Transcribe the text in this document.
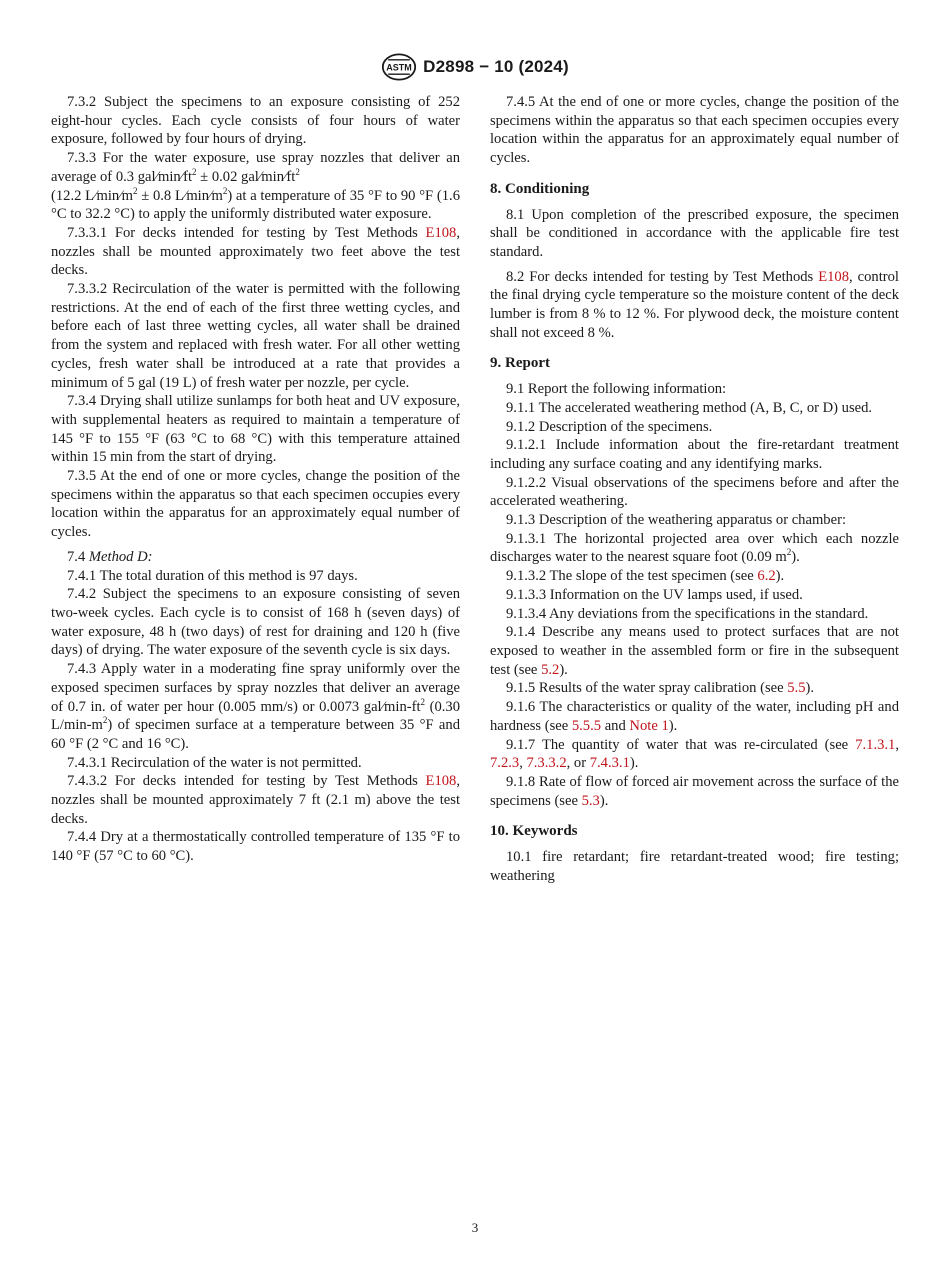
ASTM D2898 − 10 (2024)

7.3.2 Subject the specimens to an exposure consisting of 252 eight-hour cycles. Each cycle consists of four hours of water exposure, followed by four hours of drying.

7.3.3 For the water exposure, use spray nozzles that deliver an average of 0.3 $gal⁄\min⁄ft^2 \pm 0.02$ $gal⁄\min⁄ft^2$
(12.2 $L⁄\min⁄m^2 \pm 0.8$ $L⁄\min⁄m^2$) at a temperature of 35 °F to 90 °F (1.6 °C to 32.2 °C) to apply the uniformly distributed water exposure.

7.3.3.1 For decks intended for testing by Test Methods E108, nozzles shall be mounted approximately two feet above the test decks.

7.3.3.2 Recirculation of the water is permitted with the following restrictions. At the end of each of the first three wetting cycles, and before each of last three wetting cycles, all water shall be drained from the system and replaced with fresh water. For all other wetting cycles, fresh water shall be introduced at a rate that provides a minimum of 5 gal (19 L) of fresh water per nozzle, per cycle.

7.3.4 Drying shall utilize sunlamps for both heat and UV exposure, with supplemental heaters as required to maintain a temperature of 145 °F to 155 °F (63 °C to 68 °C) with this temperature attained within 15 min from the start of drying.

7.3.5 At the end of one or more cycles, change the position of the specimens within the apparatus so that each specimen occupies every location within the apparatus for an approximately equal number of cycles.

7.4 Method D:

7.4.1 The total duration of this method is 97 days.

7.4.2 Subject the specimens to an exposure consisting of seven two-week cycles. Each cycle is to consist of 168 h (seven days) of water exposure, 48 h (two days) of rest for draining and 120 h (five days) of drying. The water exposure of the seventh cycle is six days.

7.4.3 Apply water in a moderating fine spray uniformly over the exposed specimen surfaces by spray nozzles that deliver an average of 0.7 in. of water per hour (0.005 mm/s) or 0.0073 $gal⁄\min-ft^2$ (0.30 $L/\min-m^2$) of specimen surface at a temperature between 35 °F and 60 °F (2 °C and 16 °C).

7.4.3.1 Recirculation of the water is not permitted.

7.4.3.2 For decks intended for testing by Test Methods E108, nozzles shall be mounted approximately 7 ft (2.1 m) above the test decks.

7.4.4 Dry at a thermostatically controlled temperature of 135 °F to 140 °F (57 °C to 60 °C).

7.4.5 At the end of one or more cycles, change the position of the specimens within the apparatus so that each specimen occupies every location within the apparatus for an approximately equal number of cycles.

8. Conditioning

8.1 Upon completion of the prescribed exposure, the specimen shall be conditioned in accordance with the applicable fire test standard.

8.2 For decks intended for testing by Test Methods E108, control the final drying cycle temperature so the moisture content of the deck lumber is from 8 % to 12 %. For plywood deck, the moisture content shall not exceed 8 %.

9. Report

9.1 Report the following information:

9.1.1 The accelerated weathering method (A, B, C, or D) used.

9.1.2 Description of the specimens.

9.1.2.1 Include information about the fire-retardant treatment including any surface coating and any identifying marks.

9.1.2.2 Visual observations of the specimens before and after the accelerated weathering.

9.1.3 Description of the weathering apparatus or chamber:

9.1.3.1 The horizontal projected area over which each nozzle discharges water to the nearest square foot (0.09 $m^2$).

9.1.3.2 The slope of the test specimen (see 6.2).

9.1.3.3 Information on the UV lamps used, if used.

9.1.3.4 Any deviations from the specifications in the standard.

9.1.4 Describe any means used to protect surfaces that are not exposed to weather in the assembled form or fire in the subsequent test (see 5.2).

9.1.5 Results of the water spray calibration (see 5.5).

9.1.6 The characteristics or quality of the water, including pH and hardness (see 5.5.5 and Note 1).

9.1.7 The quantity of water that was re-circulated (see 7.1.3.1, 7.2.3, 7.3.3.2, or 7.4.3.1).

9.1.8 Rate of flow of forced air movement across the surface of the specimens (see 5.3).

10. Keywords

10.1 fire retardant; fire retardant-treated wood; fire testing; weathering

3
